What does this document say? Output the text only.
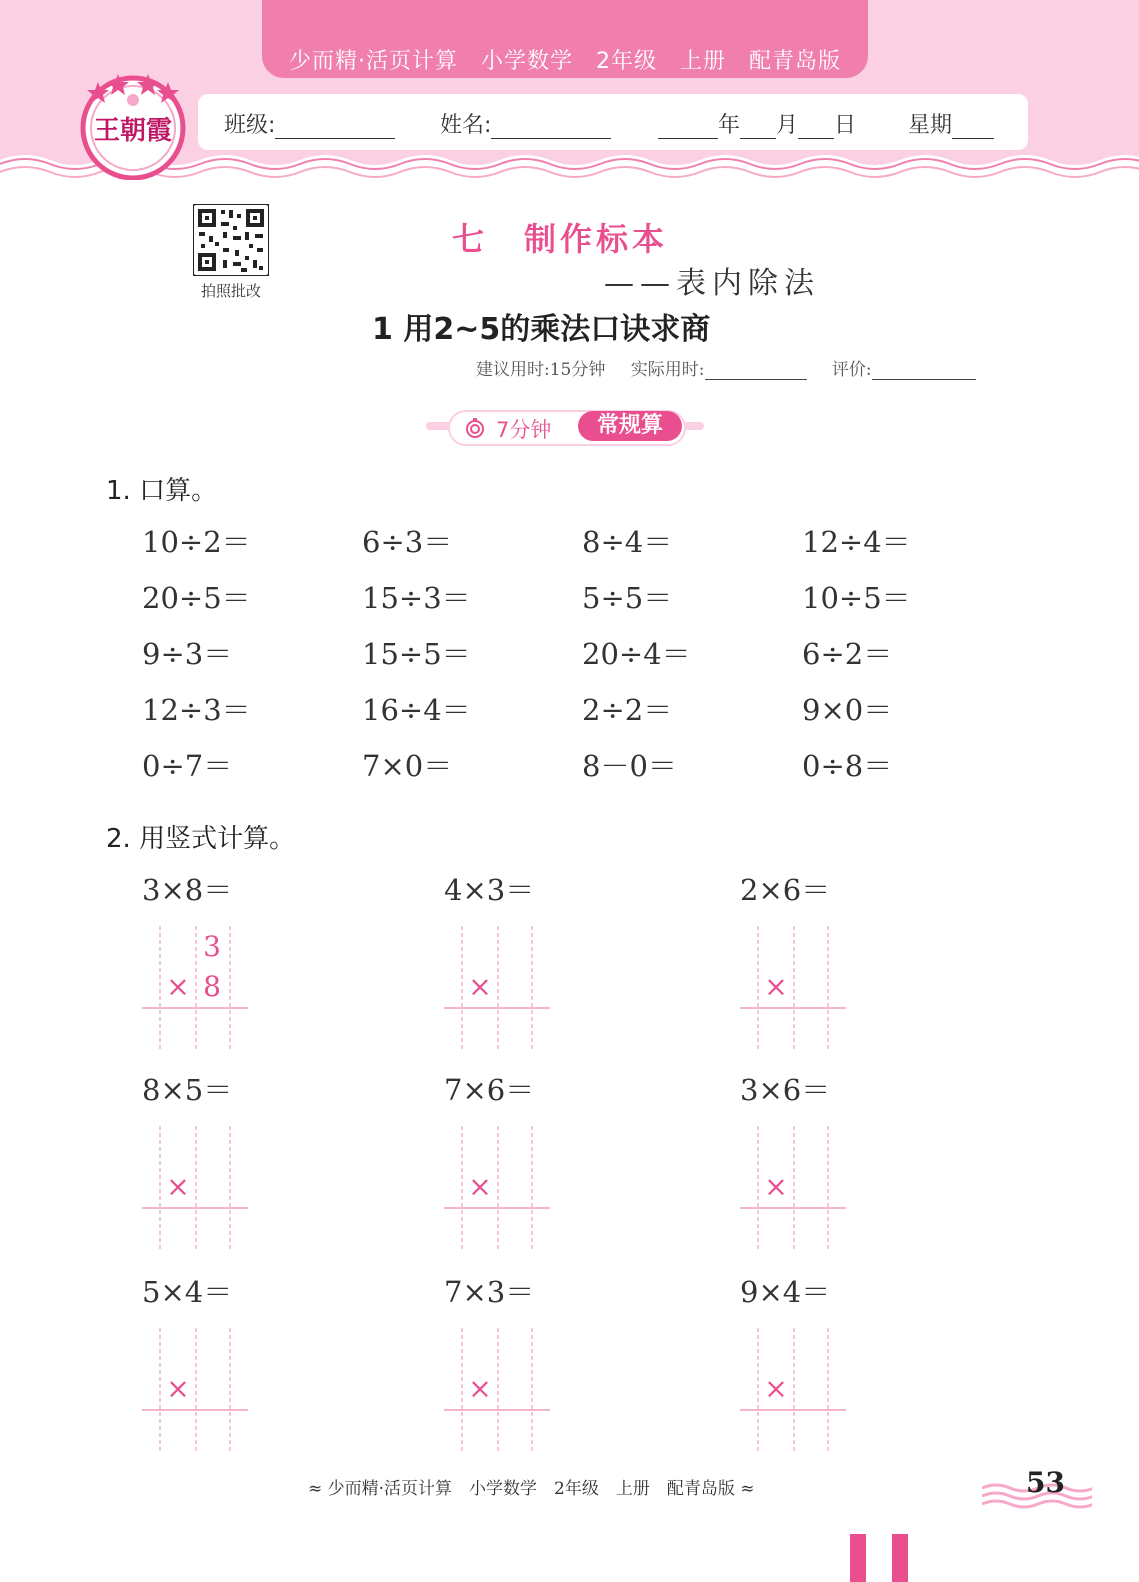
少而精·活页计算　小学数学　2年级　上册　配青岛版
班级:	姓名:	年 月 日 星期
王朝霞
拍照批改
七　制作标本
——表内除法
1 用2~5的乘法口诀求商
建议用时:15分钟 实际用时:	评价:
7分钟	常规算
1. 口算。
10÷2＝	6÷3＝	8÷4＝	12÷4＝
20÷5＝	15÷3＝	5÷5＝	10÷5＝
9÷3＝	15÷5＝	20÷4＝	6÷2＝
12÷3＝	16÷4＝	2÷2＝	9×0＝
0÷7＝	7×0＝	8－0＝	0÷8＝
2. 用竖式计算。
3×8＝
×
3
8
4×3＝
×
2×6＝
×
8×5＝
×
7×6＝
×
3×6＝
×
5×4＝
×
7×3＝
×
9×4＝
×
≈ 少而精·活页计算　小学数学　2年级　上册　配青岛版 ≈	53
